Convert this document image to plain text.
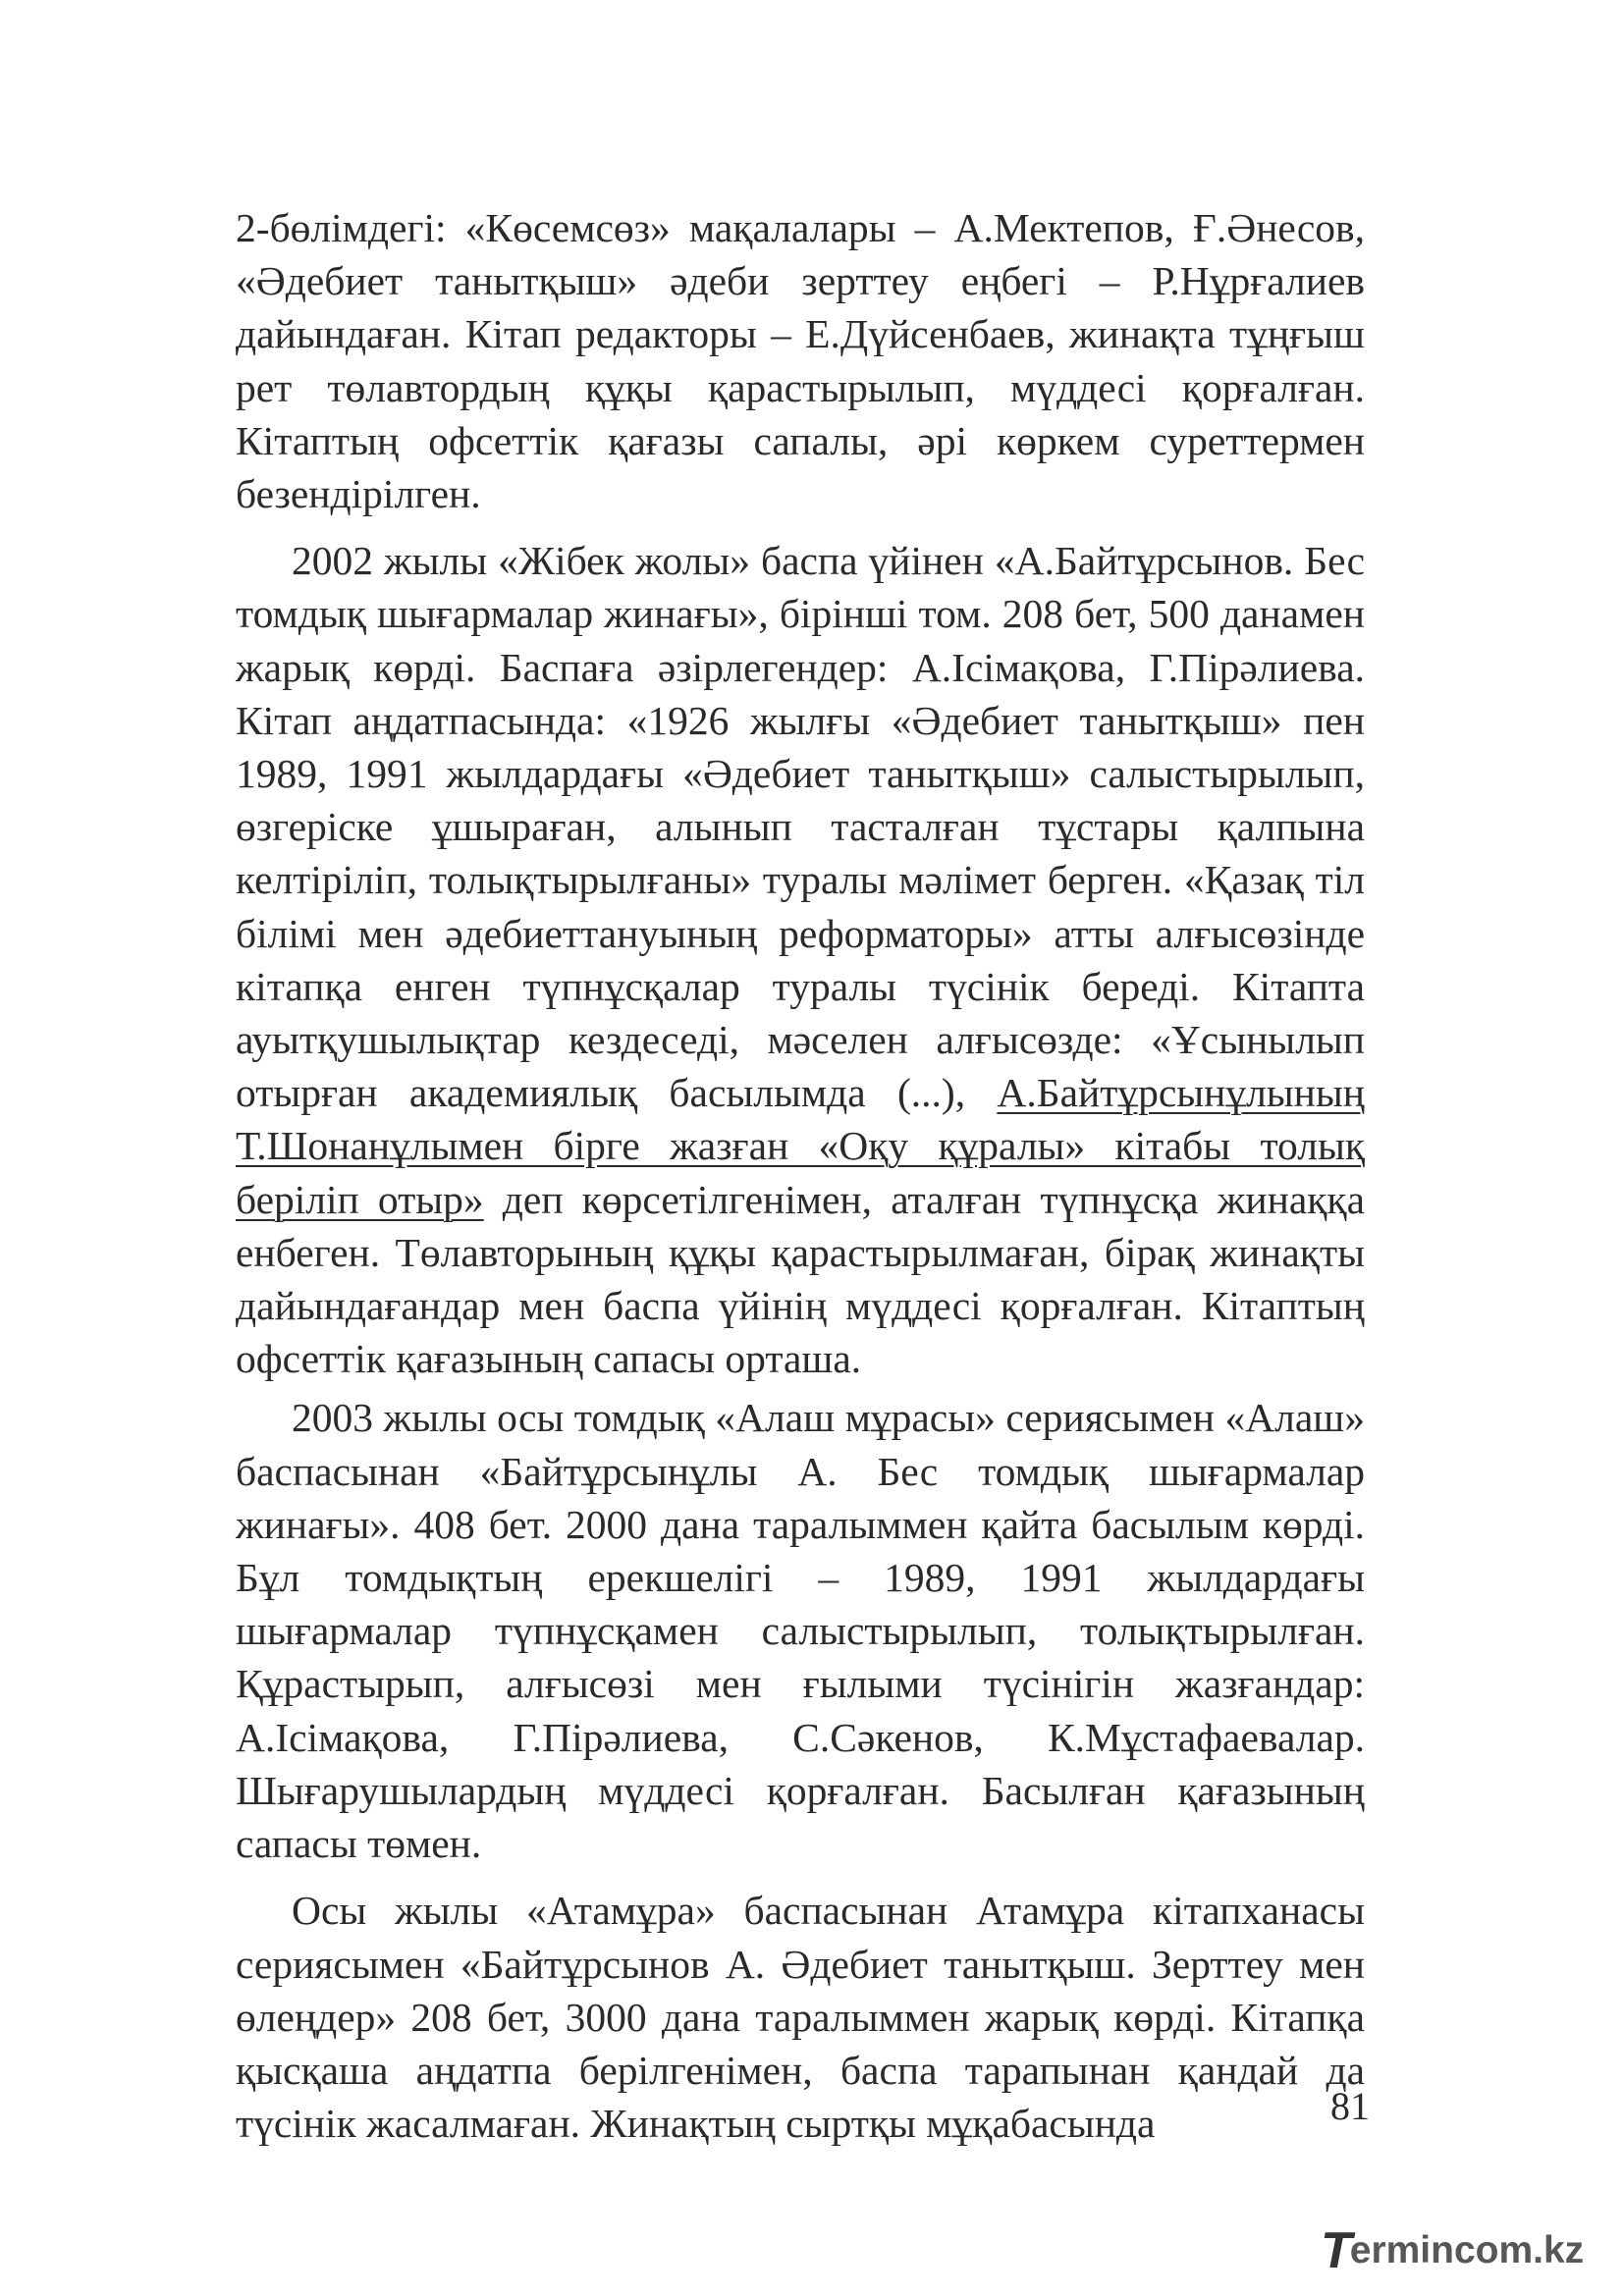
2-бөлімдегі: «Көсемсөз» мақалалары – А.Мектепов, Ғ.Әнесов, «Әдебиет танытқыш» әдеби зерттеу еңбегі – Р.Нұрғалиев дайындаған. Кітап редакторы – Е.Дүйсенбаев, жинақта тұңғыш рет төлавтордың құқы қарастырылып, мүддесі қорғалған. Кітаптың офсеттік қағазы сапалы, әрі көркем суреттермен безендірілген.

2002 жылы «Жібек жолы» баспа үйінен «А.Байтұрсынов. Бес томдық шығармалар жинағы», бірінші том. 208 бет, 500 данамен жарық көрді. Баспаға әзірлегендер: А.Ісімақова, Г.Пірәлиева. Кітап аңдатпасында: «1926 жылғы «Әдебиет танытқыш» пен 1989, 1991 жылдардағы «Әдебиет танытқыш» салыстырылып, өзгеріске ұшыраған, алынып тасталған тұстары қалпына келтіріліп, толықтырылғаны» туралы мәлімет берген. «Қазақ тіл білімі мен әдебиеттануының реформаторы» атты алғысөзінде кітапқа енген түпнұсқалар туралы түсінік береді. Кітапта ауытқушылықтар кездеседі, мәселен алғысөзде: «Ұсынылып отырған академиялық басылымда (...), А.Байтұрсынұлының Т.Шонанұлымен бірге жазған «Оқу құралы» кітабы толық беріліп отыр» деп көрсетілгенімен, аталған түпнұсқа жинаққа енбеген. Төлавторының құқы қарастырылмаған, бірақ жинақты дайындағандар мен баспа үйінің мүддесі қорғалған. Кітаптың офсеттік қағазының сапасы орташа.

2003 жылы осы томдық «Алаш мұрасы» сериясымен «Алаш» баспасынан «Байтұрсынұлы А. Бес томдық шығармалар жинағы». 408 бет. 2000 дана таралыммен қайта басылым көрді. Бұл томдықтың ерекшелігі – 1989, 1991 жылдардағы шығармалар түпнұсқамен салыстырылып, толықтырылған. Құрастырып, алғысөзі мен ғылыми түсінігін жазғандар: А.Ісімақова, Г.Пірәлиева, С.Сәкенов, К.Мұстафаевалар. Шығарушылардың мүддесі қорғалған. Басылған қағазының сапасы төмен.

Осы жылы «Атамұра» баспасынан Атамұра кітапханасы сериясымен «Байтұрсынов А. Әдебиет танытқыш. Зерттеу мен өлеңдер» 208 бет, 3000 дана таралыммен жарық көрді. Кітапқа қысқаша аңдатпа берілгенімен, баспа тарапынан қандай да түсінік жасалмаған. Жинақтың сыртқы мұқабасында	81
T
ermincom.kz
